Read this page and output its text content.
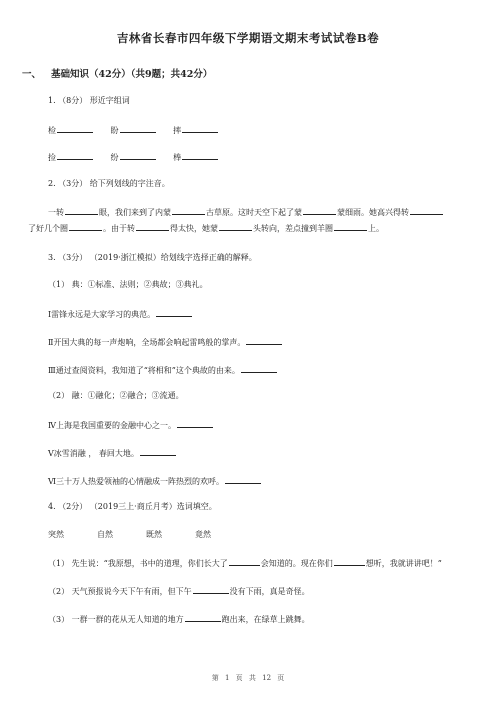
吉林省长春市四年级下学期语文期末考试试卷B卷
一、 基础知识（42分）（共9题；共42分）
1. （8分） 形近字组词
检	盼	摔
捡	纷	棒
2. （3分） 给下列划线的字注音。
一转	眼，我们来到了内蒙	古草原。这时天空下起了蒙	蒙细雨。她高兴得转
了好几个圈	。由于转	得太快，她蒙	头转向，差点撞到羊圈	上。
3. （3分） （2019·浙江模拟）给划线字选择正确的解释。
（1） 典：①标准、法则；②典故；③典礼。
Ⅰ雷锋永远是大家学习的典范。
Ⅱ开国大典的每一声炮响，全场都会响起雷鸣般的掌声。
Ⅲ通过查阅资料，我知道了“将相和”这个典故的由来。
（2） 融：①融化；②融合；③流通。
Ⅳ上海是我国重要的金融中心之一。
Ⅴ冰雪消融 ， 春回大地。
Ⅵ三十万人热爱领袖的心情融成一阵热烈的欢呼。
4. （2分） （2019三上·商丘月考）选词填空。
突然	自然	既然	竟然
（1） 先生说：“我原想，书中的道理，你们长大了	会知道的。现在你们	想听，我就讲讲吧！”
（2） 天气预报说今天下午有雨，但下午	没有下雨，真是奇怪。
（3） 一群一群的花从无人知道的地方	跑出来，在绿草上跳舞。
第 1 页 共 12 页
